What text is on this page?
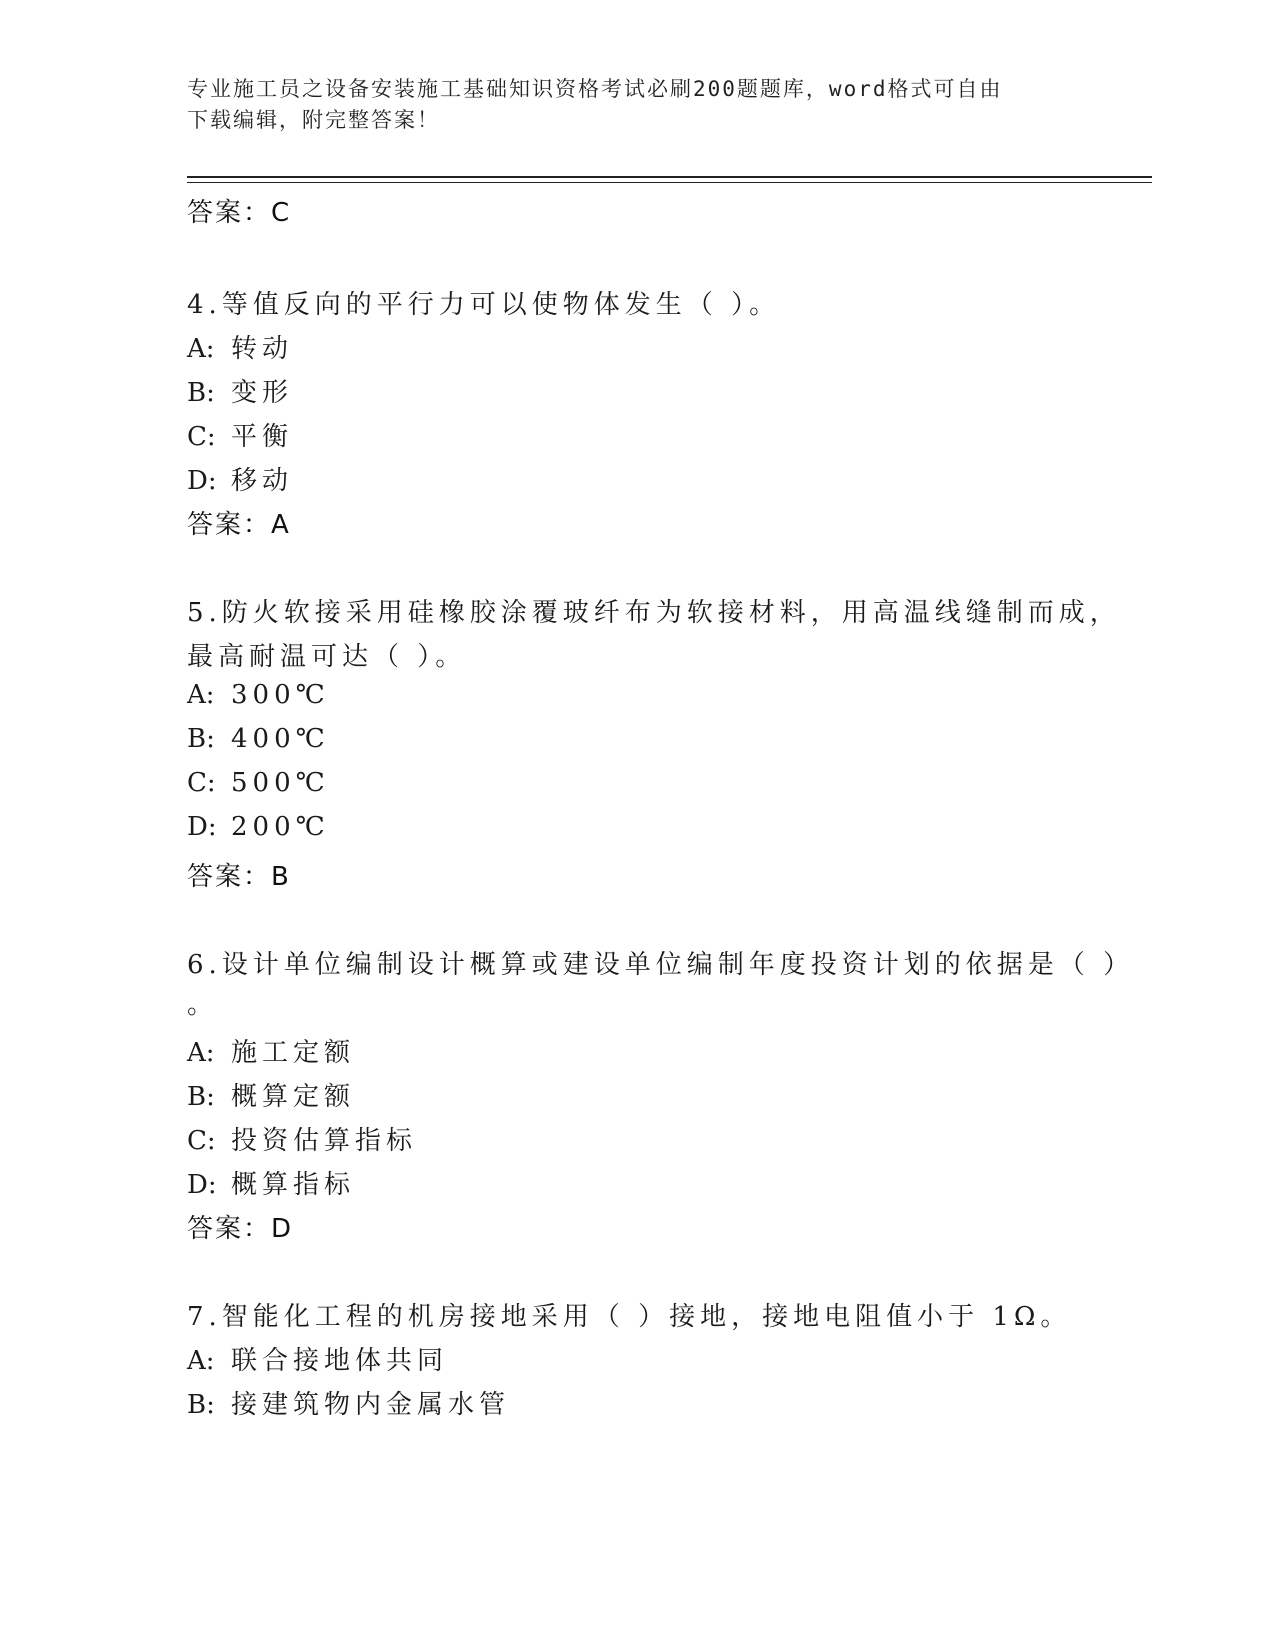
专业施工员之设备安装施工基础知识资格考试必刷200题题库，word格式可自由
下载编辑，附完整答案！
答案：C
4.等值反向的平行力可以使物体发生（ ）。
A: 转动
B: 变形
C: 平衡
D: 移动
答案：A
5.防火软接采用硅橡胶涂覆玻纤布为软接材料，用高温线缝制而成，
最高耐温可达（ ）。
A: 300℃
B: 400℃
C: 500℃
D: 200℃
答案：B
6.设计单位编制设计概算或建设单位编制年度投资计划的依据是（ ）
。
A: 施工定额
B: 概算定额
C: 投资估算指标
D: 概算指标
答案：D
7.智能化工程的机房接地采用（ ）接地，接地电阻值小于 1Ω。
A: 联合接地体共同
B: 接建筑物内金属水管
